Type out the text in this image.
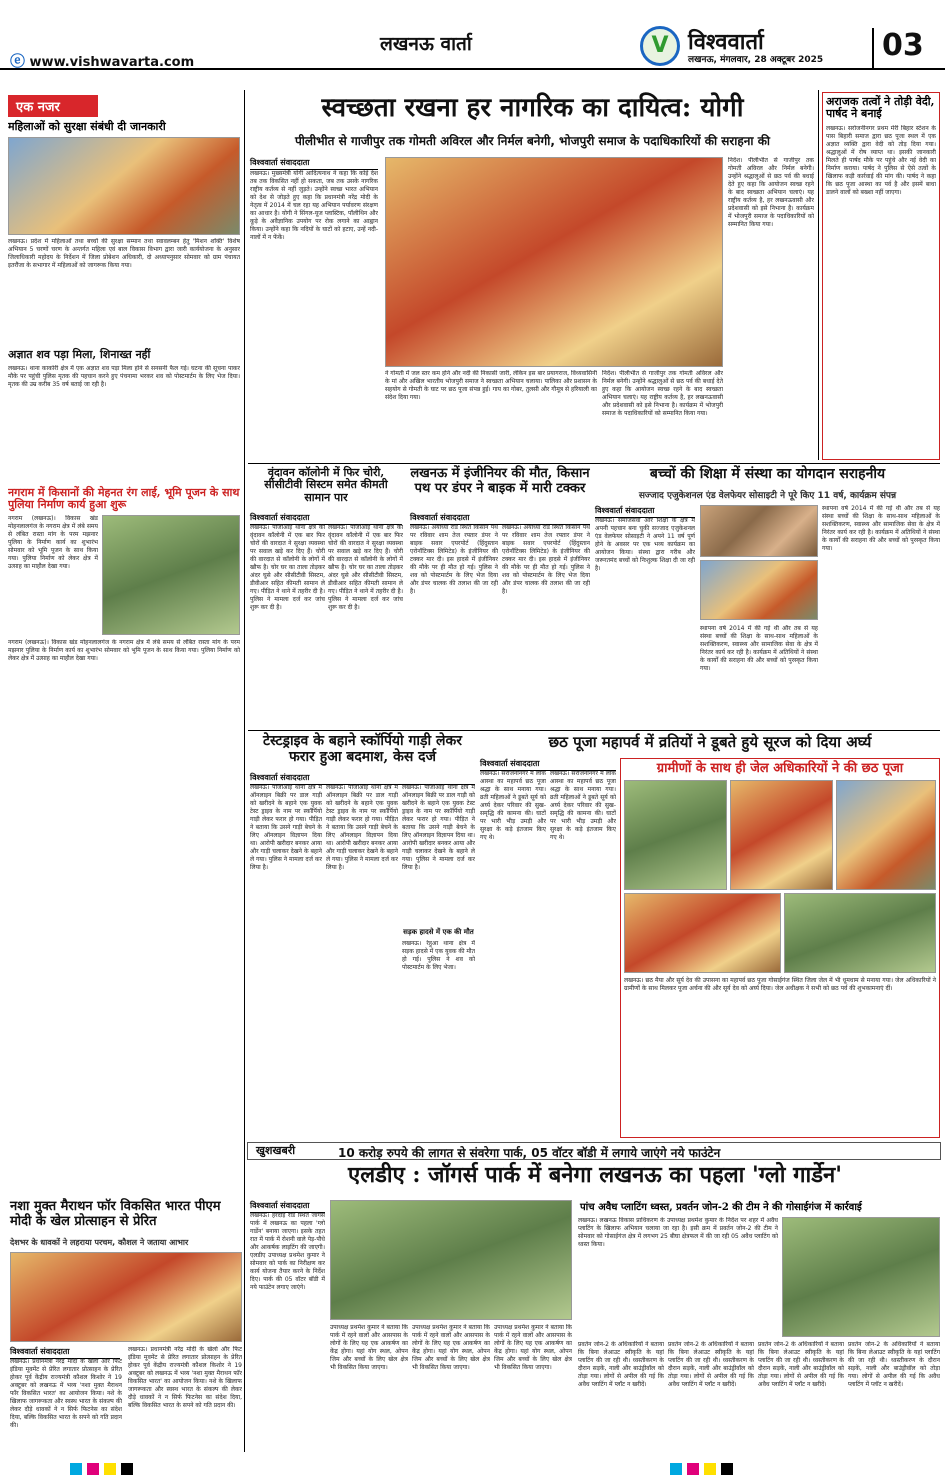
लखनऊ वार्ता
ⓔ www.vishwavarta.com
V विश्ववार्ता
लखनऊ, मंगलवार, 28 अक्टूबर 2025	03
एक नजर
महिलाओं को सुरक्षा संबंधी दी जानकारी
लखनऊ। प्रदेश में महिलाओं तथा बच्चों की सुरक्षा सम्मान तथा स्वावलम्बन हेतु 'मिशन शक्ति' विशेष अभियान 5 चरणों चरण के अन्तर्गत महिला एवं बाल विकास विभाग द्वारा जारी कार्ययोजना के अनुसार जिलाधिकारी महोदय के निर्देशन में जिला प्रोबेशन अधिकारी, दो अध्यापनुसार सोमवार को ग्राम पंचायत इतरौंजा के सभागार में महिलाओं को जागरूक किया गया।
अज्ञात शव पड़ा मिला, शिनाख्त नहीं
लखनऊ। थाना काकोरी क्षेत्र में एक अज्ञात शव पड़ा मिला होने से सनसनी फैल गई। घटना की सूचना पाकर मौके पर पहुंची पुलिस मृतक की पहचान करने हुए पंचनामा भरकर शव को पोस्टमार्टम के लिए भेज दिया। मृतक की उम्र करीब 35 वर्ष बताई जा रही है।
नगराम में किसानों की मेहनत रंग लाई, भूमि पूजन के साथ पुलिया निर्माण कार्य हुआ शुरू
नगराम (लखनऊ)। विकास खंड मोहनलालगंज के नगराम क्षेत्र में लंबे समय से लंबित रास्ता मांग के परम मझनार पुलिया के निर्माण कार्य का शुभारंभ सोमवार को भूमि पूजन के साथ किया गया। पुलिया निर्माण को लेकर क्षेत्र में उत्साह का माहौल देखा गया।
नगराम (लखनऊ)। विकास खंड मोहनलालगंज के नगराम क्षेत्र में लंबे समय से लंबित रास्ता मांग के परम मझनार पुलिया के निर्माण कार्य का शुभारंभ सोमवार को भूमि पूजन के साथ किया गया। पुलिया निर्माण को लेकर क्षेत्र में उत्साह का माहौल देखा गया।
नशा मुक्त मैराथन फॉर विकसित भारत पीएम मोदी के खेल प्रोत्साहन से प्रेरित
देशभर के धावकों ने लहराया परचम, कौशल ने जताया आभार
विश्ववार्ता संवाददाता
लखनऊ। प्रधानमंत्री नरेंद्र मोदी के खेलो और फिट इंडिया मूवमेंट से प्रेरित लगातार प्रोत्साहन के प्रेरित होकर पूर्व केंद्रीय राज्यमंत्री कौशल किशोर ने 19 अक्टूबर को लखनऊ में भव्य 'नशा मुक्त मैराथन फॉर विकसित भारत' का आयोजन किया। नशे के खिलाफ जागरूकता और स्वस्थ भारत के संकल्प की लेकर दौड़े धावकों ने न सिर्फ फिटनेस का संदेश दिया, बल्कि विकसित भारत के सपने को गति प्रदान की।
लखनऊ। प्रधानमंत्री नरेंद्र मोदी के खेलो और फिट इंडिया मूवमेंट से प्रेरित लगातार प्रोत्साहन के प्रेरित होकर पूर्व केंद्रीय राज्यमंत्री कौशल किशोर ने 19 अक्टूबर को लखनऊ में भव्य 'नशा मुक्त मैराथन फॉर विकसित भारत' का आयोजन किया। नशे के खिलाफ जागरूकता और स्वस्थ भारत के संकल्प की लेकर दौड़े धावकों ने न सिर्फ फिटनेस का संदेश दिया, बल्कि विकसित भारत के सपने को गति प्रदान की।
स्वच्छता रखना हर नागरिक का दायित्व: योगी
पीलीभीत से गाजीपुर तक गोमती अविरल और निर्मल बनेगी, भोजपुरी समाज के पदाधिकारियों की सराहना की
विश्ववार्ता संवाददाता
लखनऊ। मुख्यमंत्री योगी आदित्यनाथ ने कहा कि कोई देश तब तक विकसित नहीं हो सकता, जब तक उसके नागरिक राष्ट्रीय कर्तव्य से नहीं जुड़ते। उन्होंने स्वच्छ भारत अभियान को देश से जोड़ते हुए कहा कि प्रधानमंत्री नरेंद्र मोदी के नेतृत्व में 2014 में चल रहा यह अभियान पर्यावरण संरक्षण का आधार है। योगी ने सिंगल-यूज प्लास्टिक, पॉलीथिन और कूड़े के अवैज्ञानिक उपयोग पर रोक लगाने का आह्वान किया। उन्होंने कहा कि नदियों के घाटों को हटाए, उन्हें नदी-नालों में न फेंकें।
ने गोमती में जल स्तर कम होने और नदी की निकासी जारी, लेकिन इस बार प्रयागराज, विंध्यवासिनी के मां और अखिल भारतीय भोजपुरी समाज ने स्वच्छता अभियान चलाया। पालिका और प्रशासन के सहयोग से गोमती के घाट पर छठ पूजा संपन्न हुई। गाय का गोबर, तुलसी और गौमूत्र से हरियाली का संदेश दिया गया।
निर्देश। पीलीभीत से गाजीपुर तक गोमती अविरल और निर्मल बनेगी। उन्होंने श्रद्धालुओं से छठ पर्व की बधाई देते हुए कहा कि आयोजन स्वच्छ रहने के बाद स्वच्छता अभियान चलाएं। यह राष्ट्रीय कर्तव्य है, हर लखनऊवासी और प्रदेशवासी को इसे निभाना है। कार्यक्रम में भोजपुरी समाज के पदाधिकारियों को सम्मानित किया गया।
निर्देश। पीलीभीत से गाजीपुर तक गोमती अविरल और निर्मल बनेगी। उन्होंने श्रद्धालुओं से छठ पर्व की बधाई देते हुए कहा कि आयोजन स्वच्छ रहने के बाद स्वच्छता अभियान चलाएं। यह राष्ट्रीय कर्तव्य है, हर लखनऊवासी और प्रदेशवासी को इसे निभाना है। कार्यक्रम में भोजपुरी समाज के पदाधिकारियों को सम्मानित किया गया।
अराजक तत्वों ने तोड़ी वेदी, पार्षद ने बनाई
लखनऊ। सरोजनीनगर प्रथम मेरी बिहार स्टेशन के पास बिहारी समाज द्वारा छठ पूजा स्थल में एक अज्ञात व्यक्ति द्वारा वेदी को तोड़ दिया गया। श्रद्धालुओं में रोष व्याप्त था। इसकी जानकारी मिलते ही पार्षद मौके पर पहुंचे और नई वेदी का निर्माण कराया। पार्षद ने पुलिस से ऐसे तत्वों के खिलाफ कड़ी कार्रवाई की मांग की। पार्षद ने कहा कि छठ पूजा आस्था का पर्व है और इसमें बाधा डालने वालों को बख्शा नहीं जाएगा।
वृंदावन कॉलोनी में फिर चोरी, सीसीटीवी सिस्टम समेत कीमती सामान पार
विश्ववार्ता संवाददाता
लखनऊ। पीजीआई थाना क्षेत्र की वृंदावन कॉलोनी में एक बार फिर चोरों की वारदात ने सुरक्षा व्यवस्था पर सवाल खड़े कर दिए हैं। चोरी की वारदात से कॉलोनी के लोगों में खौफ है। चोर घर का ताला तोड़कर अंदर घुसे और सीसीटीवी सिस्टम, डीवीआर सहित कीमती सामान ले गए। पीड़ित ने थाने में तहरीर दी है। पुलिस ने मामला दर्ज कर जांच शुरू कर दी है।
लखनऊ। पीजीआई थाना क्षेत्र की वृंदावन कॉलोनी में एक बार फिर चोरों की वारदात ने सुरक्षा व्यवस्था पर सवाल खड़े कर दिए हैं। चोरी की वारदात से कॉलोनी के लोगों में खौफ है। चोर घर का ताला तोड़कर अंदर घुसे और सीसीटीवी सिस्टम, डीवीआर सहित कीमती सामान ले गए। पीड़ित ने थाने में तहरीर दी है। पुलिस ने मामला दर्ज कर जांच शुरू कर दी है।
लखनऊ में इंजीनियर की मौत, किसान पथ पर डंपर ने बाइक में मारी टक्कर
विश्ववार्ता संवाददाता
लखनऊ। अयोध्या रोड स्थित किसान पथ पर रविवार शाम तेज रफ्तार डंपर ने बाइक सवार एयरपोर्ट (हिंदुस्तान एरोनॉटिक्स लिमिटेड) के इंजीनियर की टक्कर मार दी। इस हादसे में इंजीनियर की मौके पर ही मौत हो गई। पुलिस ने शव को पोस्टमार्टम के लिए भेज दिया और डंपर चालक की तलाश की जा रही है।
लखनऊ। अयोध्या रोड स्थित किसान पथ पर रविवार शाम तेज रफ्तार डंपर ने बाइक सवार एयरपोर्ट (हिंदुस्तान एरोनॉटिक्स लिमिटेड) के इंजीनियर की टक्कर मार दी। इस हादसे में इंजीनियर की मौके पर ही मौत हो गई। पुलिस ने शव को पोस्टमार्टम के लिए भेज दिया और डंपर चालक की तलाश की जा रही है।
बच्चों की शिक्षा में संस्था का योगदान सराहनीय
सज्जाद एजुकेशनल एंड वेलफेयर सोसाइटी ने पूरे किए 11 वर्ष, कार्यक्रम संपन्न
विश्ववार्ता संवाददाता
लखनऊ। समाजसेवा और शिक्षा के क्षेत्र में अपनी पहचान बना चुकी सज्जाद एजुकेशनल एंड वेलफेयर सोसाइटी ने अपने 11 वर्ष पूर्ण होने के अवसर पर एक भव्य कार्यक्रम का आयोजन किया। संस्था द्वारा गरीब और जरूरतमंद बच्चों को निःशुल्क शिक्षा दी जा रही है।
स्थापना वर्ष 2014 में की गई थी और तब से यह संस्था बच्चों की शिक्षा के साथ-साथ महिलाओं के सशक्तिकरण, स्वास्थ्य और सामाजिक सेवा के क्षेत्र में निरंतर कार्य कर रही है। कार्यक्रम में अतिथियों ने संस्था के कार्यों की सराहना की और बच्चों को पुरस्कृत किया गया।
स्थापना वर्ष 2014 में की गई थी और तब से यह संस्था बच्चों की शिक्षा के साथ-साथ महिलाओं के सशक्तिकरण, स्वास्थ्य और सामाजिक सेवा के क्षेत्र में निरंतर कार्य कर रही है। कार्यक्रम में अतिथियों ने संस्था के कार्यों की सराहना की और बच्चों को पुरस्कृत किया गया।
टेस्टड्राइव के बहाने स्कॉर्पियो गाड़ी लेकर फरार हुआ बदमाश, केस दर्ज
विश्ववार्ता संवाददाता
लखनऊ। पीजीआई थाना क्षेत्र में ऑनलाइन बिक्री पर डाल गाड़ी को खरीदने के बहाने एक युवक टेस्ट ड्राइव के नाम पर स्कॉर्पियो गाड़ी लेकर फरार हो गया। पीड़ित ने बताया कि उसने गाड़ी बेचने के लिए ऑनलाइन विज्ञापन दिया था। आरोपी खरीदार बनकर आया और गाड़ी चलाकर देखने के बहाने ले गया। पुलिस ने मामला दर्ज कर लिया है।
लखनऊ। पीजीआई थाना क्षेत्र में ऑनलाइन बिक्री पर डाल गाड़ी को खरीदने के बहाने एक युवक टेस्ट ड्राइव के नाम पर स्कॉर्पियो गाड़ी लेकर फरार हो गया। पीड़ित ने बताया कि उसने गाड़ी बेचने के लिए ऑनलाइन विज्ञापन दिया था। आरोपी खरीदार बनकर आया और गाड़ी चलाकर देखने के बहाने ले गया। पुलिस ने मामला दर्ज कर लिया है।
लखनऊ। पीजीआई थाना क्षेत्र में ऑनलाइन बिक्री पर डाल गाड़ी को खरीदने के बहाने एक युवक टेस्ट ड्राइव के नाम पर स्कॉर्पियो गाड़ी लेकर फरार हो गया। पीड़ित ने बताया कि उसने गाड़ी बेचने के लिए ऑनलाइन विज्ञापन दिया था। आरोपी खरीदार बनकर आया और गाड़ी चलाकर देखने के बहाने ले गया। पुलिस ने मामला दर्ज कर लिया है।
सड़क हादसे में एक की मौत
लखनऊ। रेहुआ थाना क्षेत्र में सड़क हादसे में एक युवक की मौत हो गई। पुलिस ने शव को पोस्टमार्टम के लिए भेजा।
छठ पूजा महापर्व में व्रतियों ने डूबते हुये सूरज को दिया अर्घ्य
विश्ववार्ता संवाददाता
लखनऊ। सरोजनीनगर में लोक आस्था का महापर्व छठ पूजा श्रद्धा के साथ मनाया गया। व्रती महिलाओं ने डूबते सूर्य को अर्घ्य देकर परिवार की सुख-समृद्धि की कामना की। घाटों पर भारी भीड़ उमड़ी और सुरक्षा के कड़े इंतजाम किए गए थे।
लखनऊ। सरोजनीनगर में लोक आस्था का महापर्व छठ पूजा श्रद्धा के साथ मनाया गया। व्रती महिलाओं ने डूबते सूर्य को अर्घ्य देकर परिवार की सुख-समृद्धि की कामना की। घाटों पर भारी भीड़ उमड़ी और सुरक्षा के कड़े इंतजाम किए गए थे।
ग्रामीणों के साथ ही जेल अधिकारियों ने की छठ पूजा
लखनऊ। छठ मैया और सूर्य देव की उपासना का महापर्व छठ पूजा गोसाईगंज स्थित जिला जेल में भी धूमधाम से मनाया गया। जेल अधिकारियों ने ग्रामीणों के साथ मिलकर पूजा अर्चना की और सूर्य देव को अर्घ्य दिया। जेल अधीक्षक ने सभी को छठ पर्व की शुभकामनाएं दीं।
खुशखबरी	10 करोड़ रुपये की लागत से संवरेगा पार्क, 05 वॉटर बॉडी में लगाये जाएंगे नये फाउंटेन
एलडीए : जॉगर्स पार्क में बनेगा लखनऊ का पहला 'ग्लो गार्डेन'
विश्ववार्ता संवाददाता
लखनऊ। हरदोई रोड स्थित जॉगर्स पार्क में लखनऊ का पहला 'ग्लो गार्डेन' बनाया जाएगा। इसके तहत रात में पार्क में रोशनी वाले पेड़-पौधे और आकर्षक लाइटिंग की जाएगी। एलडीए उपाध्यक्ष प्रथमेश कुमार ने सोमवार को पार्क का निरीक्षण कर कार्य योजना तैयार करने के निर्देश दिए। पार्क की 05 वॉटर बॉडी में नये फाउंटेन लगाए जाएंगे।
उपाध्यक्ष प्रथमेश कुमार ने बताया कि पार्क में रहने वालों और आसपास के लोगों के लिए यह एक आकर्षण का केंद्र होगा। यहां योग स्थल, ओपन जिम और बच्चों के लिए खेल क्षेत्र भी विकसित किया जाएगा।
उपाध्यक्ष प्रथमेश कुमार ने बताया कि पार्क में रहने वालों और आसपास के लोगों के लिए यह एक आकर्षण का केंद्र होगा। यहां योग स्थल, ओपन जिम और बच्चों के लिए खेल क्षेत्र भी विकसित किया जाएगा।
उपाध्यक्ष प्रथमेश कुमार ने बताया कि पार्क में रहने वालों और आसपास के लोगों के लिए यह एक आकर्षण का केंद्र होगा। यहां योग स्थल, ओपन जिम और बच्चों के लिए खेल क्षेत्र भी विकसित किया जाएगा।
पांच अवैध प्लाटिंग ध्वस्त, प्रवर्तन जोन-2 की टीम ने की गोसाईगंज में कार्रवाई
लखनऊ। लखनऊ विकास प्राधिकरण के उपाध्यक्ष प्रथमेश कुमार के निर्देश पर शहर में अवैध प्लाटिंग के खिलाफ अभियान चलाया जा रहा है। इसी क्रम में प्रवर्तन जोन-2 की टीम ने सोमवार को गोसाईगंज क्षेत्र में लगभग 25 बीघा क्षेत्रफल में की जा रही 05 अवैध प्लाटिंग को ध्वस्त किया।
प्रवर्तन जोन-2 के अधिकारियों ने बताया कि बिना लेआउट स्वीकृति के यहां प्लाटिंग की जा रही थी। ध्वस्तीकरण के दौरान सड़कें, नाली और बाउंड्रीवॉल को तोड़ा गया। लोगों से अपील की गई कि अवैध प्लाटिंग में प्लॉट न खरीदें।
प्रवर्तन जोन-2 के अधिकारियों ने बताया कि बिना लेआउट स्वीकृति के यहां प्लाटिंग की जा रही थी। ध्वस्तीकरण के दौरान सड़कें, नाली और बाउंड्रीवॉल को तोड़ा गया। लोगों से अपील की गई कि अवैध प्लाटिंग में प्लॉट न खरीदें।
प्रवर्तन जोन-2 के अधिकारियों ने बताया कि बिना लेआउट स्वीकृति के यहां प्लाटिंग की जा रही थी। ध्वस्तीकरण के दौरान सड़कें, नाली और बाउंड्रीवॉल को तोड़ा गया। लोगों से अपील की गई कि अवैध प्लाटिंग में प्लॉट न खरीदें।
प्रवर्तन जोन-2 के अधिकारियों ने बताया कि बिना लेआउट स्वीकृति के यहां प्लाटिंग की जा रही थी। ध्वस्तीकरण के दौरान सड़कें, नाली और बाउंड्रीवॉल को तोड़ा गया। लोगों से अपील की गई कि अवैध प्लाटिंग में प्लॉट न खरीदें।
